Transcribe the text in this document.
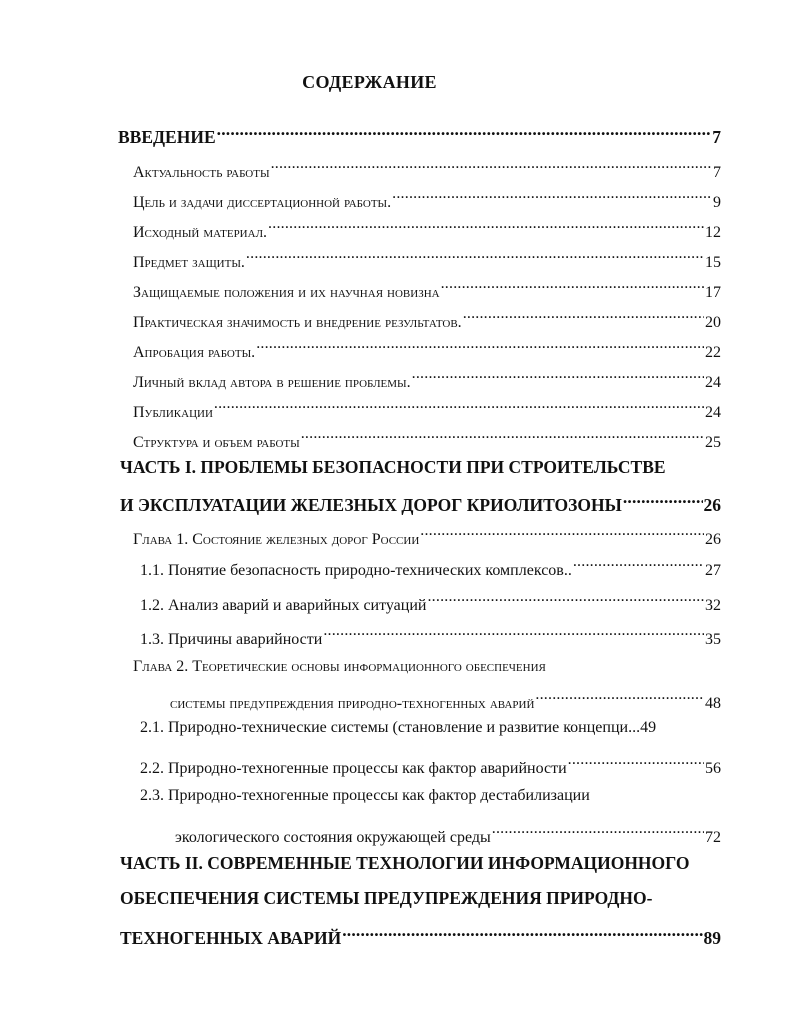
СОДЕРЖАНИЕ
ВВЕДЕНИЕ .....	7
Актуальность работы .....	7
Цель и задачи диссертационной работы. .....	9
Исходный материал. .....	12
Предмет защиты. .....	15
Защищаемые положения и их научная новизна .....	17
Практическая значимость и внедрение результатов. .....	20
Апробация работы. .....	22
Личный вклад автора в решение проблемы. .....	24
Публикации .....	24
Структура и объем работы .....	25
ЧАСТЬ I. ПРОБЛЕМЫ БЕЗОПАСНОСТИ ПРИ СТРОИТЕЛЬСТВЕ
И ЭКСПЛУАТАЦИИ ЖЕЛЕЗНЫХ ДОРОГ КРИОЛИТОЗОНЫ .....	26
Глава 1. Состояние железных дорог России .....	26
1.1. Понятие безопасность природно-технических комплексов.. .....	27
1.2. Анализ аварий и аварийных ситуаций .....	32
1.3. Причины аварийности .....	35
Глава 2. Теоретические основы информационного обеспечения
системы предупреждения природно-техногенных аварий .....	48
2.1. Природно-технические системы (становление и развитие концепци... 49
2.2. Природно-техногенные процессы как фактор аварийности .....	56
2.3. Природно-техногенные процессы как фактор дестабилизации
экологического состояния окружающей среды .....	72
ЧАСТЬ II. СОВРЕМЕННЫЕ ТЕХНОЛОГИИ ИНФОРМАЦИОННОГО
ОБЕСПЕЧЕНИЯ СИСТЕМЫ ПРЕДУПРЕЖДЕНИЯ ПРИРОДНО-
ТЕХНОГЕННЫХ АВАРИЙ .....	89
